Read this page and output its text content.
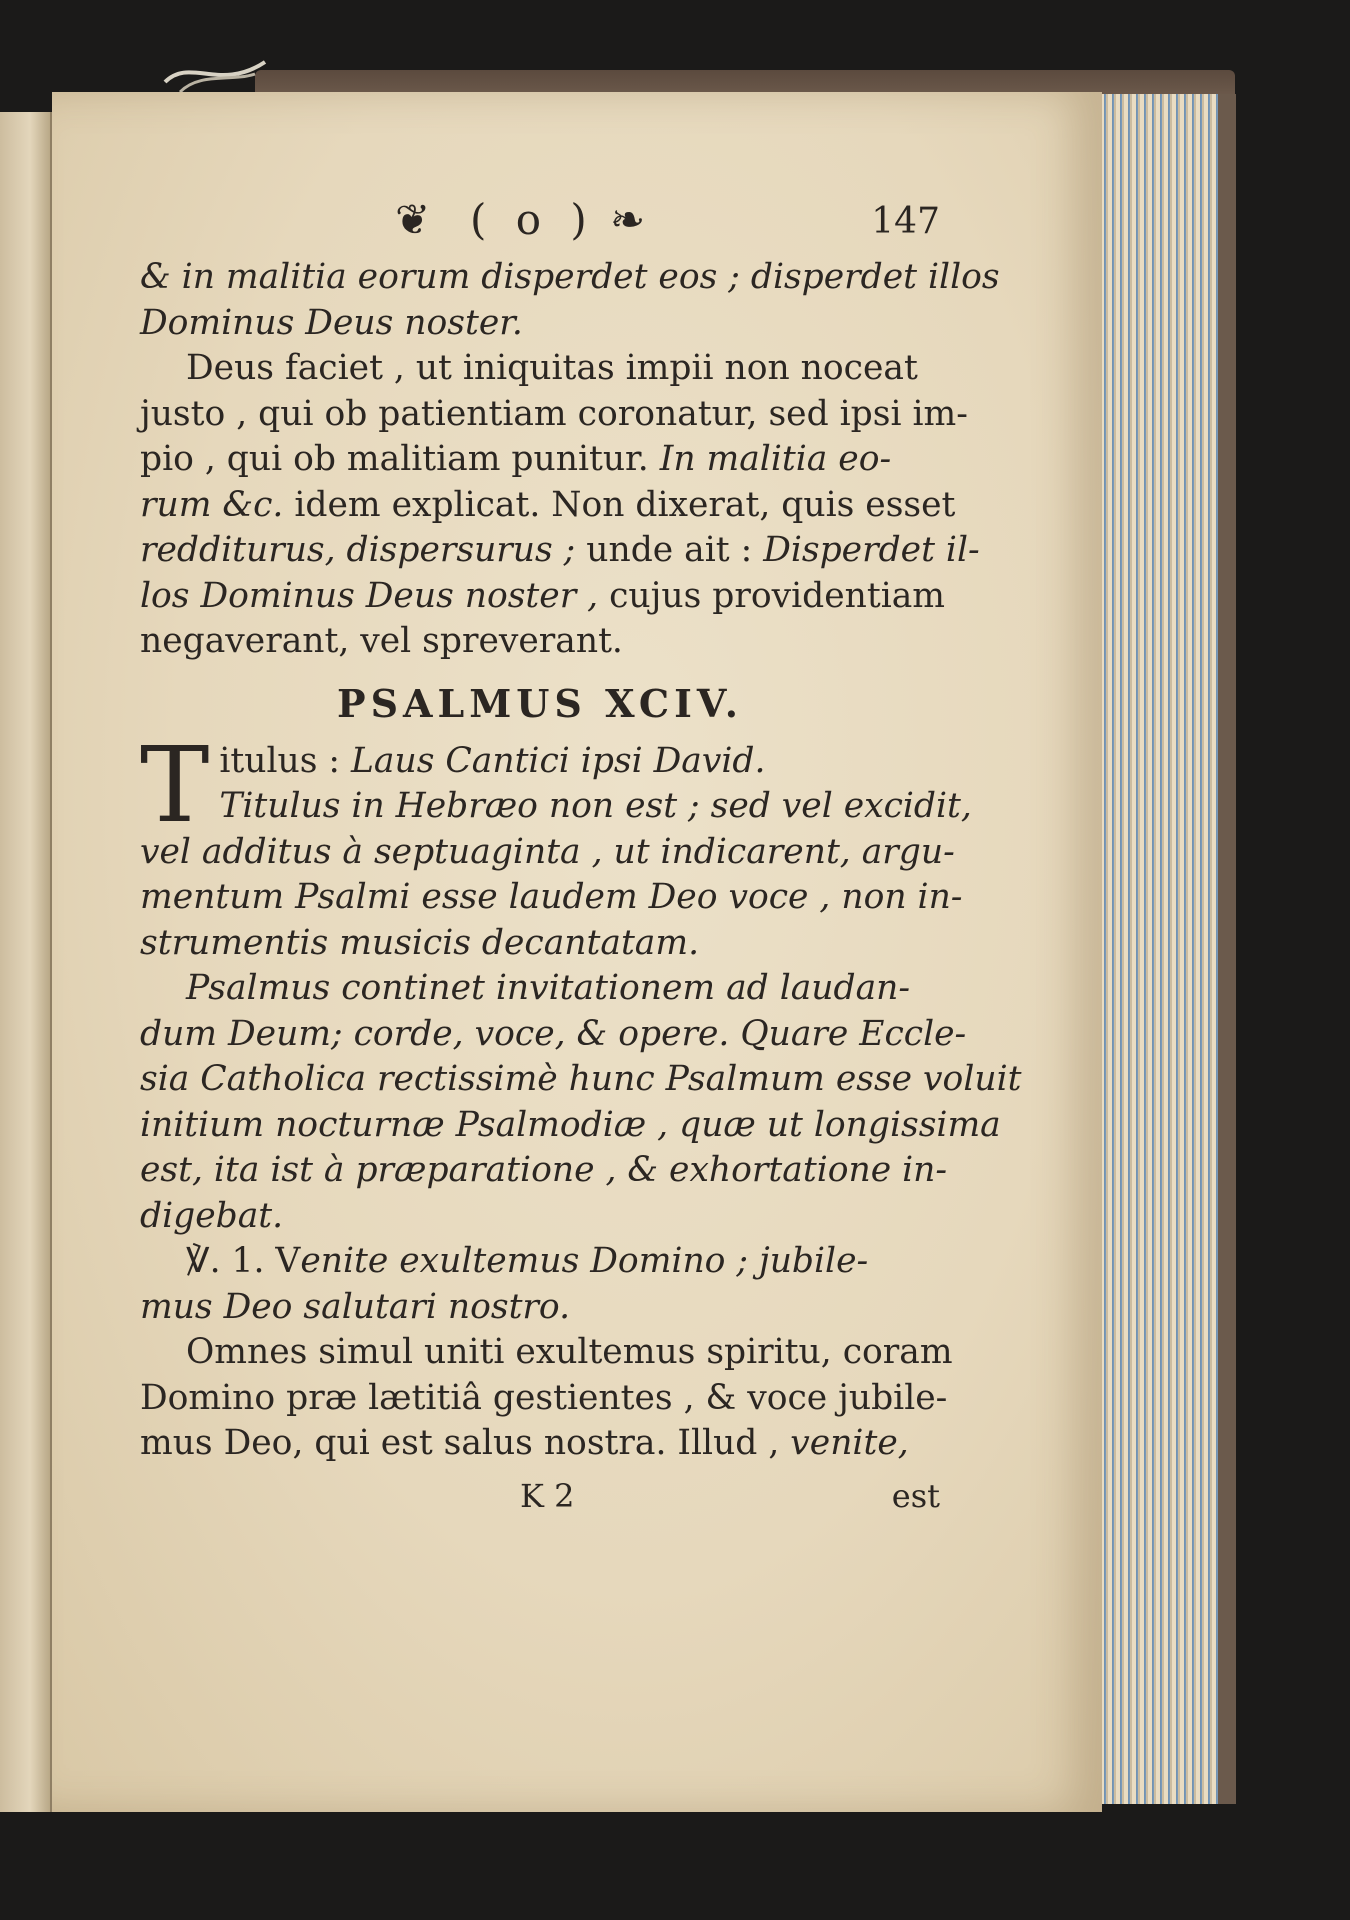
❦ ( o ) ❧	147

& in malitia eorum disperdet eos ; disperdet illos

Dominus Deus noster.

Deus faciet , ut iniquitas impii non noceat

justo , qui ob patientiam coronatur, sed ipsi im-

pio , qui ob malitiam punitur. In malitia eo-

rum &c. idem explicat. Non dixerat, quis esset

redditurus, dispersurus ; unde ait : Disperdet il-

los Dominus Deus noster , cujus providentiam

negaverant, vel spreverant.

PSALMUS XCIV.
T itulus : Laus Cantici ipsi David.

Titulus in Hebræo non est ; sed vel excidit,

vel additus à septuaginta , ut indicarent, argu-

mentum Psalmi esse laudem Deo voce , non in-

strumentis musicis decantatam.

Psalmus continet invitationem ad laudan-

dum Deum; corde, voce, & opere. Quare Eccle-

sia Catholica rectissimè hunc Psalmum esse voluit

initium nocturnæ Psalmodiæ , quæ ut longissima

est, ita ist à præparatione , & exhortatione in-

digebat.

℣. 1. Venite exultemus Domino ; jubile-

mus Deo salutari nostro.

Omnes simul uniti exultemus spiritu, coram

Domino præ lætitiâ gestientes , & voce jubile-

mus Deo, qui est salus nostra. Illud , venite,

K 2	est
